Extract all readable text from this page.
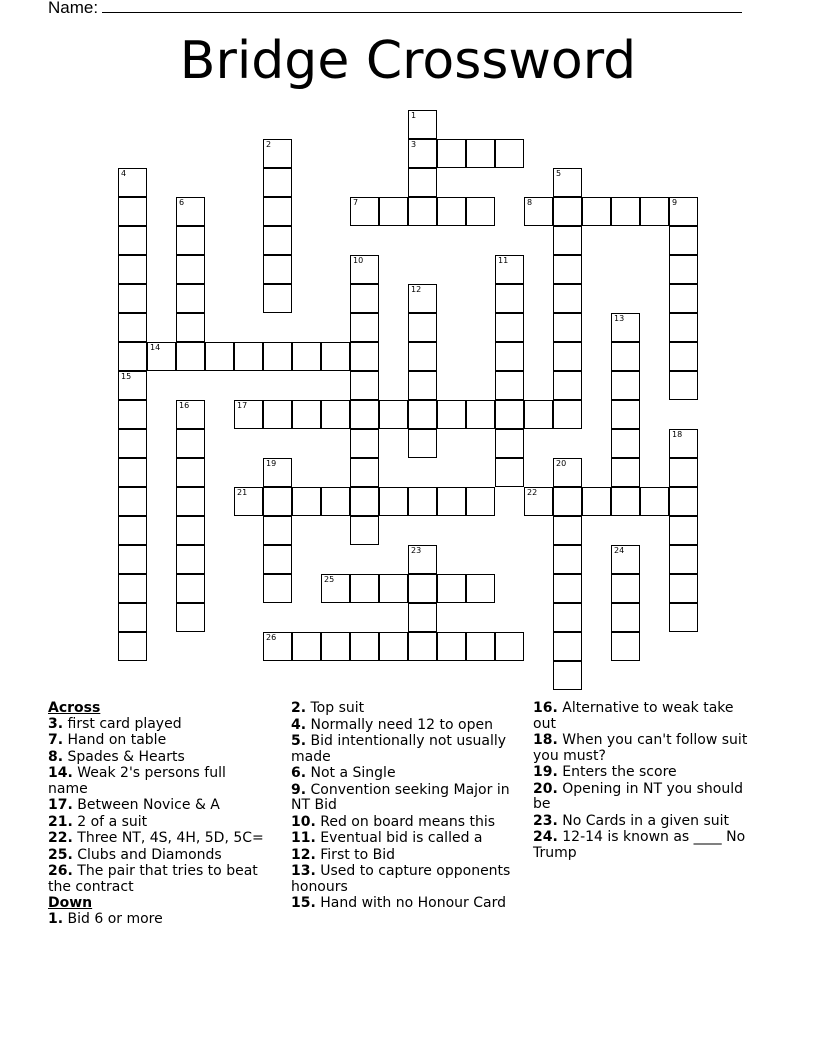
Name:
Bridge Crossword
1
3
2
4	5
6	7	8	9
10	11
12
13
14
15
16	17
18
19	20
21	22
23	24
25
26
Across
3. first card played
7. Hand on table
8. Spades & Hearts
14. Weak 2's persons full name
17. Between Novice & A
21. 2 of a suit
22. Three NT, 4S, 4H, 5D, 5C=
25. Clubs and Diamonds
26. The pair that tries to beat the contract
Down
1. Bid 6 or more
2. Top suit
4. Normally need 12 to open
5. Bid intentionally not usually made
6. Not a Single
9. Convention seeking Major in NT Bid
10. Red on board means this
11. Eventual bid is called a
12. First to Bid
13. Used to capture opponents honours
15. Hand with no Honour Card
16. Alternative to weak take out
18. When you can't follow suit you must?
19. Enters the score
20. Opening in NT you should be
23. No Cards in a given suit
24. 12-14 is known as ____ No Trump
